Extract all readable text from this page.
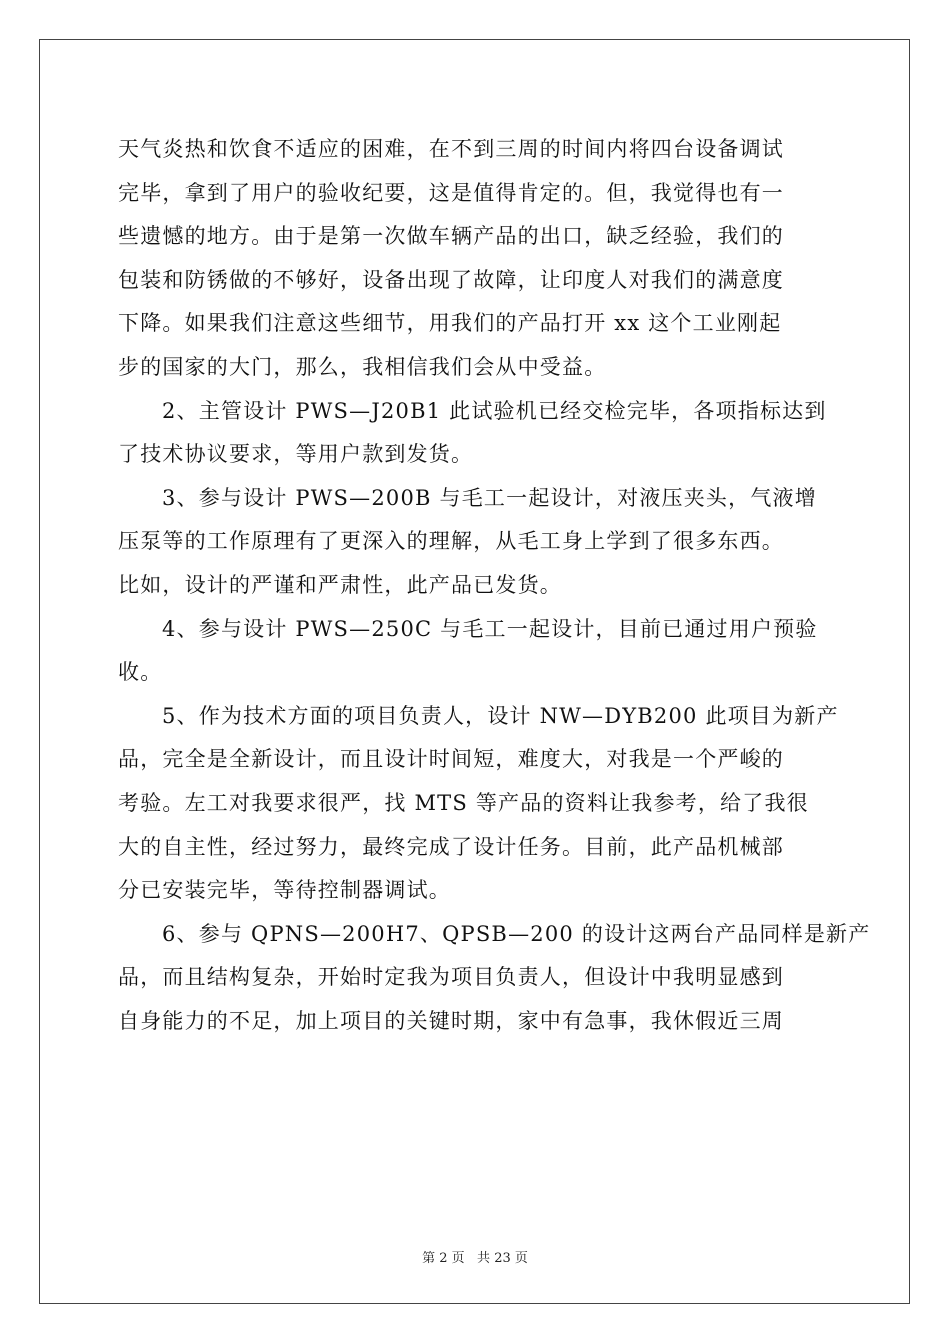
天气炎热和饮食不适应的困难，在不到三周的时间内将四台设备调试
完毕，拿到了用户的验收纪要，这是值得肯定的。但，我觉得也有一
些遗憾的地方。由于是第一次做车辆产品的出口，缺乏经验，我们的
包装和防锈做的不够好，设备出现了故障，让印度人对我们的满意度
下降。如果我们注意这些细节，用我们的产品打开 xx 这个工业刚起
步的国家的大门，那么，我相信我们会从中受益。
2、主管设计 PWS—J20B1 此试验机已经交检完毕，各项指标达到
了技术协议要求，等用户款到发货。
3、参与设计 PWS—200B 与毛工一起设计，对液压夹头，气液增
压泵等的工作原理有了更深入的理解，从毛工身上学到了很多东西。
比如，设计的严谨和严肃性，此产品已发货。
4、参与设计 PWS—250C 与毛工一起设计，目前已通过用户预验
收。
5、作为技术方面的项目负责人，设计 NW—DYB200 此项目为新产
品，完全是全新设计，而且设计时间短，难度大，对我是一个严峻的
考验。左工对我要求很严，找 MTS 等产品的资料让我参考，给了我很
大的自主性，经过努力，最终完成了设计任务。目前，此产品机械部
分已安装完毕，等待控制器调试。
6、参与 QPNS—200H7、QPSB—200 的设计这两台产品同样是新产
品，而且结构复杂，开始时定我为项目负责人，但设计中我明显感到
自身能力的不足，加上项目的关键时期，家中有急事，我休假近三周
第 2 页   共 23 页
